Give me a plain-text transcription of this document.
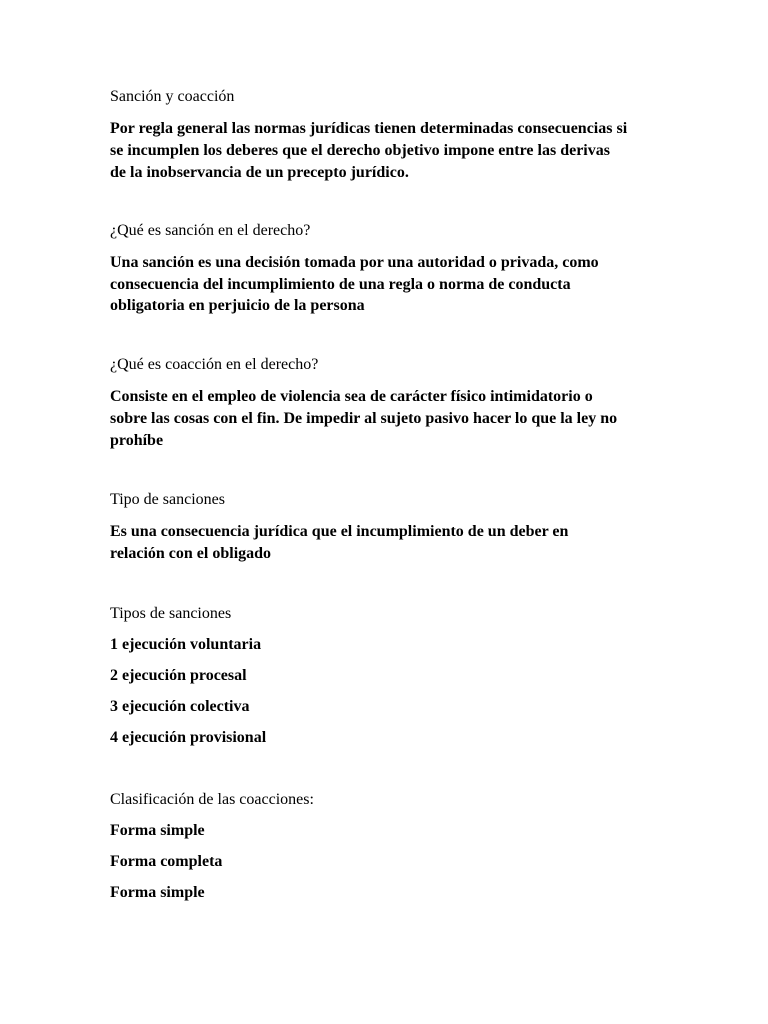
Sanción y coacción

Por regla general las normas jurídicas tienen determinadas consecuencias si

se incumplen los deberes que el derecho objetivo impone entre las derivas

de la inobservancia de un precepto jurídico.

¿Qué es sanción en el derecho?

Una sanción es una decisión tomada por una autoridad o privada, como

consecuencia del incumplimiento de una regla o norma de conducta

obligatoria en perjuicio de la persona

¿Qué es coacción en el derecho?

Consiste en el empleo de violencia sea de carácter físico intimidatorio o

sobre las cosas con el fin. De impedir al sujeto pasivo hacer lo que la ley no

prohíbe

Tipo de sanciones

Es una consecuencia jurídica que el incumplimiento de un deber en

relación con el obligado

Tipos de sanciones

1 ejecución voluntaria

2 ejecución procesal

3 ejecución colectiva

4 ejecución provisional

Clasificación de las coacciones:

Forma simple

Forma completa

Forma simple
